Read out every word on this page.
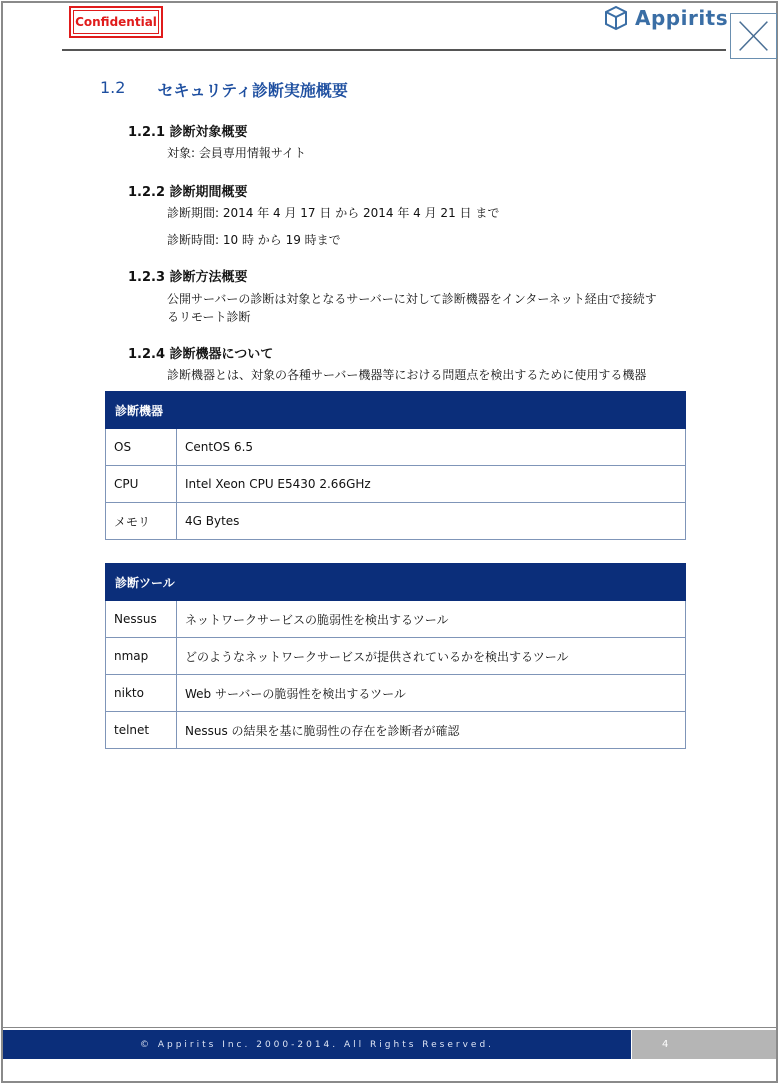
Confidential	Appirits
1.2 セキュリティ診断実施概要
1.2.1 診断対象概要
対象: 会員専用情報サイト
1.2.2 診断期間概要
診断期間: 2014 年 4 月 17 日 から 2014 年 4 月 21 日 まで
診断時間: 10 時 から 19 時まで
1.2.3 診断方法概要
公開サーバーの診断は対象となるサーバーに対して診断機器をインターネット経由で接続す
るリモート診断
1.2.4 診断機器について
診断機器とは、対象の各種サーバー機器等における問題点を検出するために使用する機器
診断機器	
OS	CentOS 6.5
CPU	Intel Xeon CPU E5430 2.66GHz
メモリ	4G Bytes
診断ツール	
Nessus	ネットワークサービスの脆弱性を検出するツール
nmap	どのようなネットワークサービスが提供されているかを検出するツール
nikto	Web サーバーの脆弱性を検出するツール
telnet	Nessus の結果を基に脆弱性の存在を診断者が確認
© Appirits Inc. 2000-2014. All Rights Reserved.	4
